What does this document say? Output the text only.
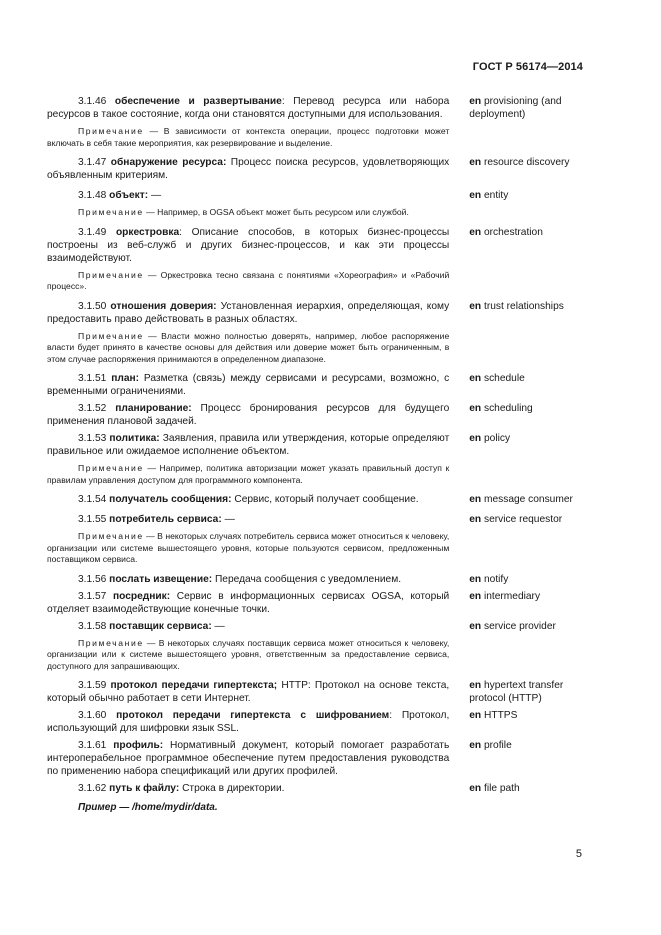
ГОСТ Р 56174—2014

3.1.46 обеспечение и развертывание: Перевод ресурса или набора ресурсов в такое состояние, когда они становятся доступными для использования.

Примечание — В зависимости от контекста операции, процесс подготовки может включать в себя такие мероприятия, как резервирование и выделение.

en provisioning (and deployment)

3.1.47 обнаружение ресурса: Процесс поиска ресурсов, удовлетворяющих объявленным критериям.

en resource discovery

3.1.48 объект: —

Примечание — Например, в OGSA объект может быть ресурсом или службой.

en entity

3.1.49 оркестровка: Описание способов, в которых бизнес-процессы построены из веб-служб и других бизнес-процессов, и как эти процессы взаимодействуют.

Примечание — Оркестровка тесно связана с понятиями «Хореография» и «Рабочий процесс».

en orchestration

3.1.50 отношения доверия: Установленная иерархия, определяющая, кому предоставить право действовать в разных областях.

Примечание — Власти можно полностью доверять, например, любое распоряжение власти будет принято в качестве основы для действия или доверие может быть ограниченным, в этом случае распоряжения принимаются в определенном диапазоне.

en trust relationships

3.1.51 план: Разметка (связь) между сервисами и ресурсами, возможно, с временными ограничениями.

en schedule

3.1.52 планирование: Процесс бронирования ресурсов для будущего применения плановой задачей.

en scheduling

3.1.53 политика: Заявления, правила или утверждения, которые определяют правильное или ожидаемое исполнение объектом.

Примечание — Например, политика авторизации может указать правильный доступ к правилам управления доступом для программного компонента.

en policy

3.1.54 получатель сообщения: Сервис, который получает сообщение.	en message consumer

3.1.55 потребитель сервиса: —

Примечание — В некоторых случаях потребитель сервиса может относиться к человеку, организации или системе вышестоящего уровня, которые пользуются сервисом, предложенным поставщиком сервиса.

en service requestor

3.1.56 послать извещение: Передача сообщения с уведомлением.	en notify

3.1.57 посредник: Сервис в информационных сервисах OGSA, который отделяет взаимодействующие конечные точки.

en intermediary

3.1.58 поставщик сервиса: —

Примечание — В некоторых случаях поставщик сервиса может относиться к человеку, организации или к системе вышестоящего уровня, ответственным за предоставление сервиса, доступного для запрашивающих.

en service provider

3.1.59 протокол передачи гипертекста; HTTP: Протокол на основе текста, который обычно работает в сети Интернет.

en hypertext transfer protocol (HTTP)

3.1.60 протокол передачи гипертекста с шифрованием: Протокол, использующий для шифровки язык SSL.

en HTTPS

3.1.61 профиль: Нормативный документ, который помогает разработать интероперабельное программное обеспечение путем предоставления руководства по применению набора спецификаций или других профилей.

en profile

3.1.62 путь к файлу: Строка в директории.

Пример — /home/mydir/data.

en file path
5
